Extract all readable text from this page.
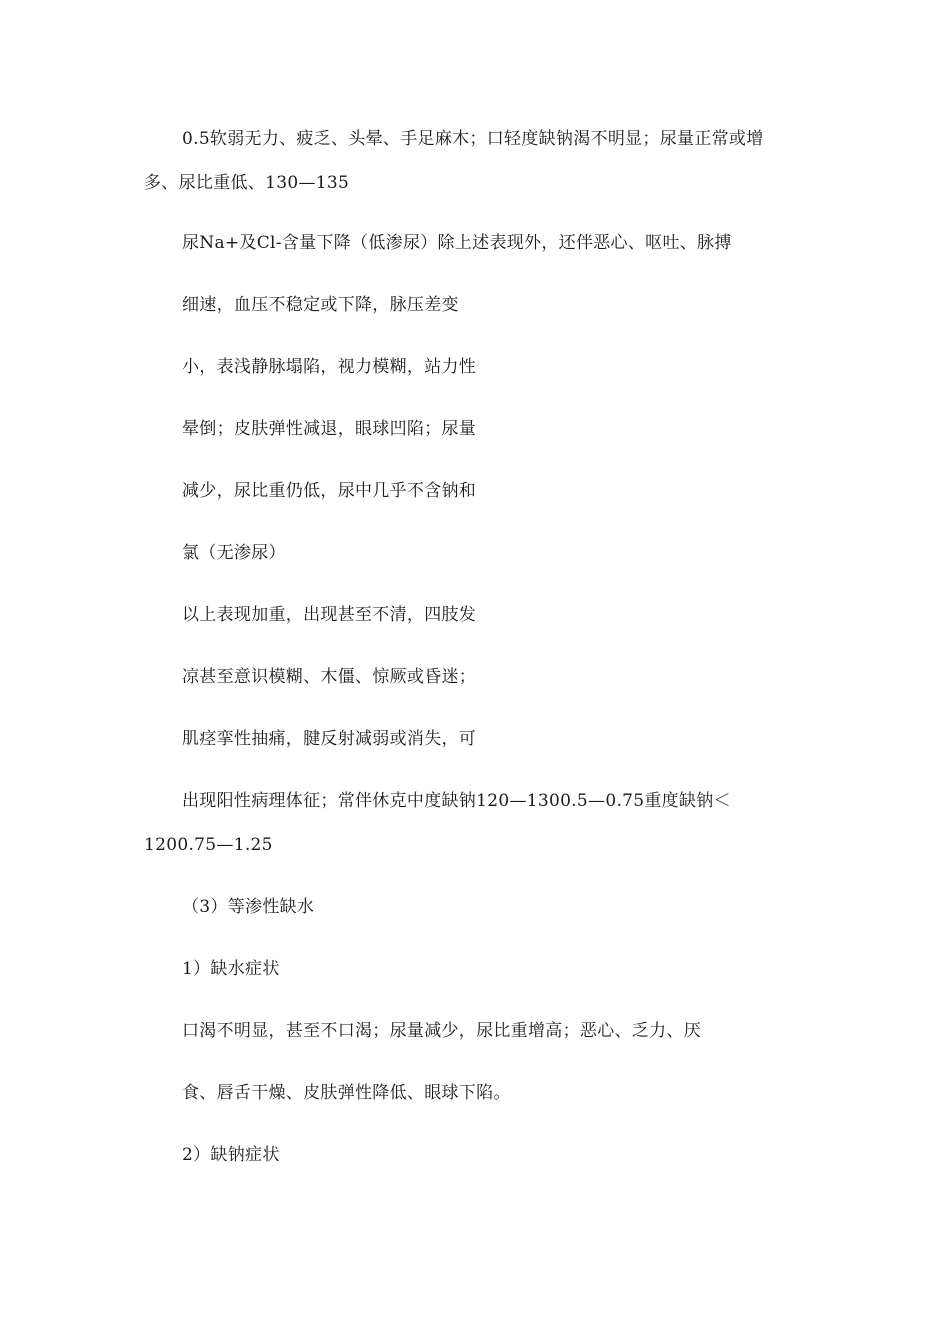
0.5软弱无力、疲乏、头晕、手足麻木；口轻度缺钠渴不明显；尿量正常或增
多、尿比重低、130—135
尿Na+及Cl-含量下降（低渗尿）除上述表现外，还伴恶心、呕吐、脉搏
细速，血压不稳定或下降，脉压差变
小，表浅静脉塌陷，视力模糊，站力性
晕倒；皮肤弹性减退，眼球凹陷；尿量
减少，尿比重仍低，尿中几乎不含钠和
氯（无渗尿）
以上表现加重，出现甚至不清，四肢发
凉甚至意识模糊、木僵、惊厥或昏迷；
肌痉挛性抽痛，腱反射减弱或消失，可
出现阳性病理体征；常伴休克中度缺钠120—1300.5—0.75重度缺钠＜
1200.75—1.25
（3）等渗性缺水
1）缺水症状
口渴不明显，甚至不口渴；尿量减少，尿比重增高；恶心、乏力、厌
食、唇舌干燥、皮肤弹性降低、眼球下陷。
2）缺钠症状
